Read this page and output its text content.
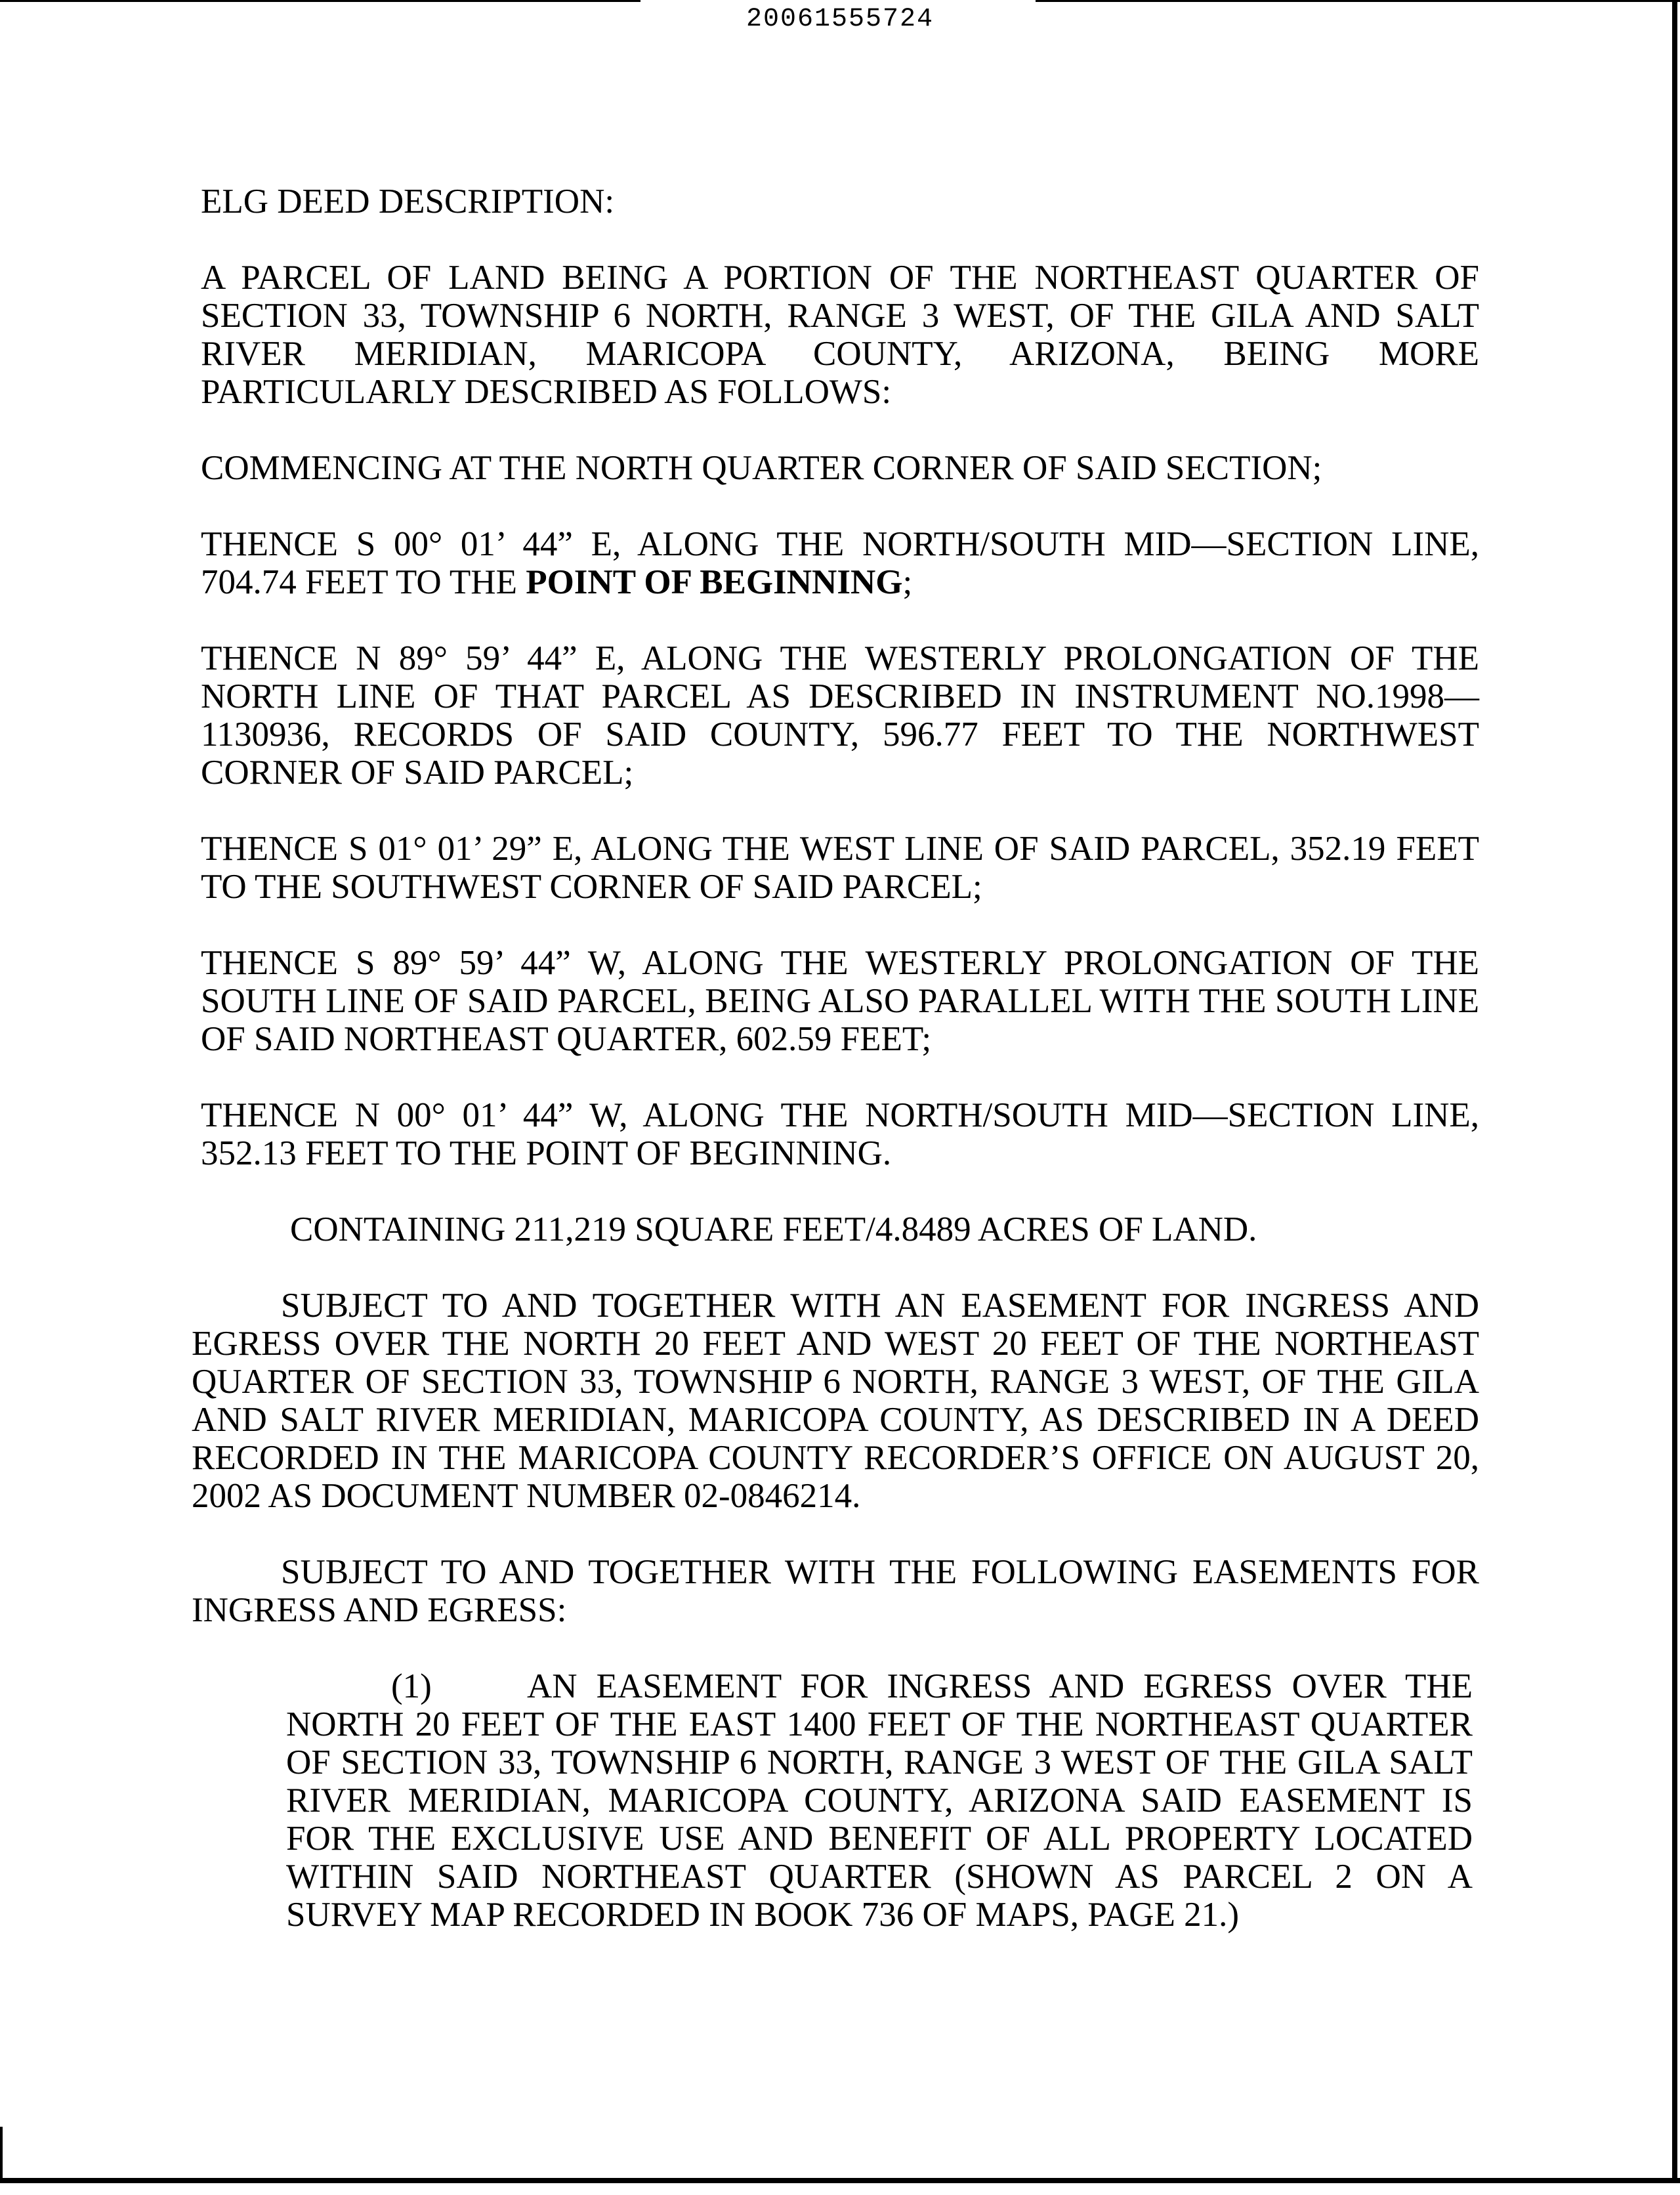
20061555724

ELG DEED DESCRIPTION:

A PARCEL OF LAND BEING A PORTION OF THE NORTHEAST QUARTER OF SECTION 33, TOWNSHIP 6 NORTH, RANGE 3 WEST, OF THE GILA AND SALT RIVER MERIDIAN, MARICOPA COUNTY, ARIZONA, BEING MORE PARTICULARLY DESCRIBED AS FOLLOWS:

COMMENCING AT THE NORTH QUARTER CORNER OF SAID SECTION;

THENCE S 00° 01’ 44” E, ALONG THE NORTH/SOUTH MID—SECTION LINE, 704.74 FEET TO THE POINT OF BEGINNING;

THENCE N 89° 59’ 44” E, ALONG THE WESTERLY PROLONGATION OF THE NORTH LINE OF THAT PARCEL AS DESCRIBED IN INSTRUMENT NO.1998—1130936, RECORDS OF SAID COUNTY, 596.77 FEET TO THE NORTHWEST CORNER OF SAID PARCEL;

THENCE S 01° 01’ 29” E, ALONG THE WEST LINE OF SAID PARCEL, 352.19 FEET TO THE SOUTHWEST CORNER OF SAID PARCEL;

THENCE S 89° 59’ 44” W, ALONG THE WESTERLY PROLONGATION OF THE SOUTH LINE OF SAID PARCEL, BEING ALSO PARALLEL WITH THE SOUTH LINE OF SAID NORTHEAST QUARTER, 602.59 FEET;

THENCE N 00° 01’ 44” W, ALONG THE NORTH/SOUTH MID—SECTION LINE, 352.13 FEET TO THE POINT OF BEGINNING.

CONTAINING 211,219 SQUARE FEET/4.8489 ACRES OF LAND.

SUBJECT TO AND TOGETHER WITH AN EASEMENT FOR INGRESS AND EGRESS OVER THE NORTH 20 FEET AND WEST 20 FEET OF THE NORTHEAST QUARTER OF SECTION 33, TOWNSHIP 6 NORTH, RANGE 3 WEST, OF THE GILA AND SALT RIVER MERIDIAN, MARICOPA COUNTY, AS DESCRIBED IN A DEED RECORDED IN THE MARICOPA COUNTY RECORDER’S OFFICE ON AUGUST 20, 2002 AS DOCUMENT NUMBER 02-0846214.

SUBJECT TO AND TOGETHER WITH THE FOLLOWING EASEMENTS FOR INGRESS AND EGRESS:

(1)	AN EASEMENT FOR INGRESS AND EGRESS OVER THE NORTH 20 FEET OF THE EAST 1400 FEET OF THE NORTHEAST QUARTER OF SECTION 33, TOWNSHIP 6 NORTH, RANGE 3 WEST OF THE GILA SALT RIVER MERIDIAN, MARICOPA COUNTY, ARIZONA SAID EASEMENT IS FOR THE EXCLUSIVE USE AND BENEFIT OF ALL PROPERTY LOCATED WITHIN SAID NORTHEAST QUARTER (SHOWN AS PARCEL 2 ON A SURVEY MAP RECORDED IN BOOK 736 OF MAPS, PAGE 21.)
